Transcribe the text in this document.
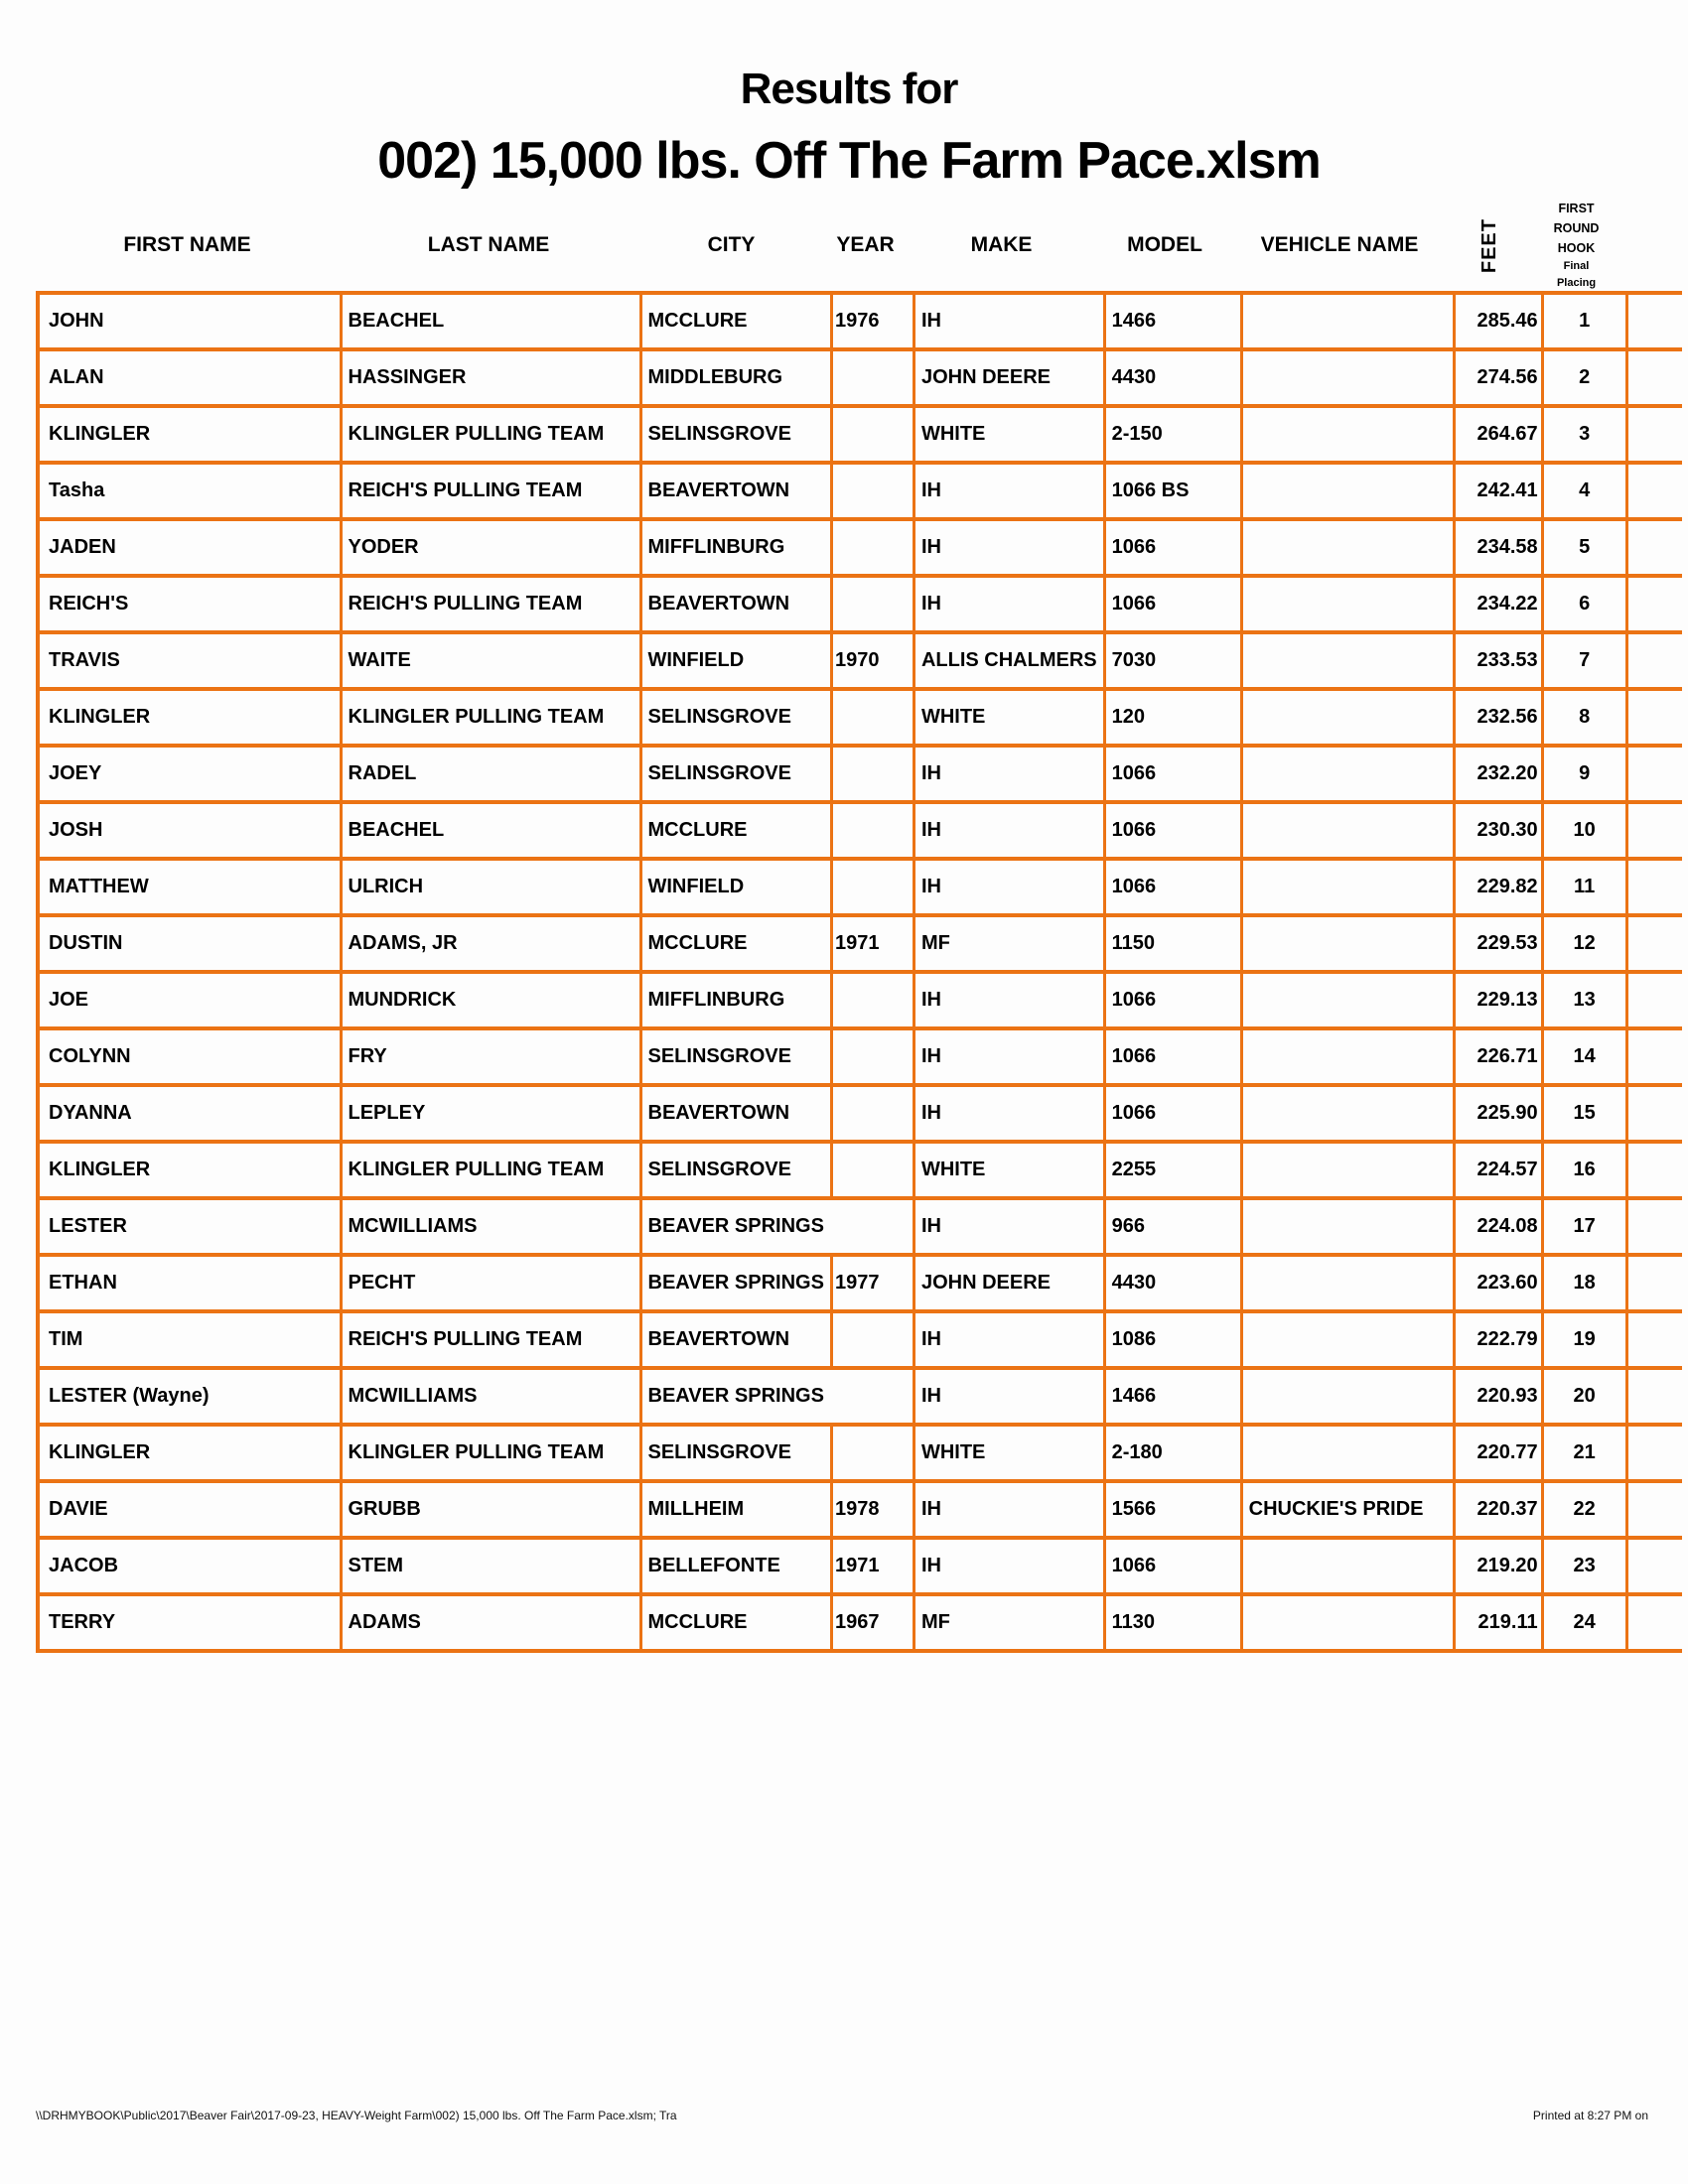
Results for
002) 15,000 lbs. Off The Farm Pace.xlsm
FIRST NAME	LAST NAME	CITY	YEAR	MAKE	MODEL	VEHICLE NAME	FEET
FIRST
ROUND
HOOK
Final
Placing
JOHN	BEACHEL	MCCLURE	1976	IH	1466		285.46	1	
ALAN	HASSINGER	MIDDLEBURG		JOHN DEERE	4430		274.56	2	
KLINGLER	KLINGLER PULLING TEAM	SELINSGROVE		WHITE	2-150		264.67	3	
Tasha	REICH'S PULLING TEAM	BEAVERTOWN		IH	1066 BS		242.41	4	
JADEN	YODER	MIFFLINBURG		IH	1066		234.58	5	
REICH'S	REICH'S PULLING TEAM	BEAVERTOWN		IH	1066		234.22	6	
TRAVIS	WAITE	WINFIELD	1970	ALLIS CHALMERS	7030		233.53	7	
KLINGLER	KLINGLER PULLING TEAM	SELINSGROVE		WHITE	120		232.56	8	
JOEY	RADEL	SELINSGROVE		IH	1066		232.20	9	
JOSH	BEACHEL	MCCLURE		IH	1066		230.30	10	
MATTHEW	ULRICH	WINFIELD		IH	1066		229.82	11	
DUSTIN	ADAMS, JR	MCCLURE	1971	MF	1150		229.53	12	
JOE	MUNDRICK	MIFFLINBURG		IH	1066		229.13	13	
COLYNN	FRY	SELINSGROVE		IH	1066		226.71	14	
DYANNA	LEPLEY	BEAVERTOWN		IH	1066		225.90	15	
KLINGLER	KLINGLER PULLING TEAM	SELINSGROVE		WHITE	2255		224.57	16	
LESTER	MCWILLIAMS	BEAVER SPRINGS		IH	966		224.08	17	
ETHAN	PECHT	BEAVER SPRINGS	1977	JOHN DEERE	4430		223.60	18	
TIM	REICH'S PULLING TEAM	BEAVERTOWN		IH	1086		222.79	19	
LESTER (Wayne)	MCWILLIAMS	BEAVER SPRINGS		IH	1466		220.93	20	
KLINGLER	KLINGLER PULLING TEAM	SELINSGROVE		WHITE	2-180		220.77	21	
DAVIE	GRUBB	MILLHEIM	1978	IH	1566	CHUCKIE'S PRIDE	220.37	22	
JACOB	STEM	BELLEFONTE	1971	IH	1066		219.20	23	
TERRY	ADAMS	MCCLURE	1967	MF	1130		219.11	24	
\\DRHMYBOOK\Public\2017\Beaver Fair\2017-09-23, HEAVY-Weight Farm\002) 15,000 lbs. Off The Farm Pace.xlsm; Tra	Printed at 8:27 PM on
